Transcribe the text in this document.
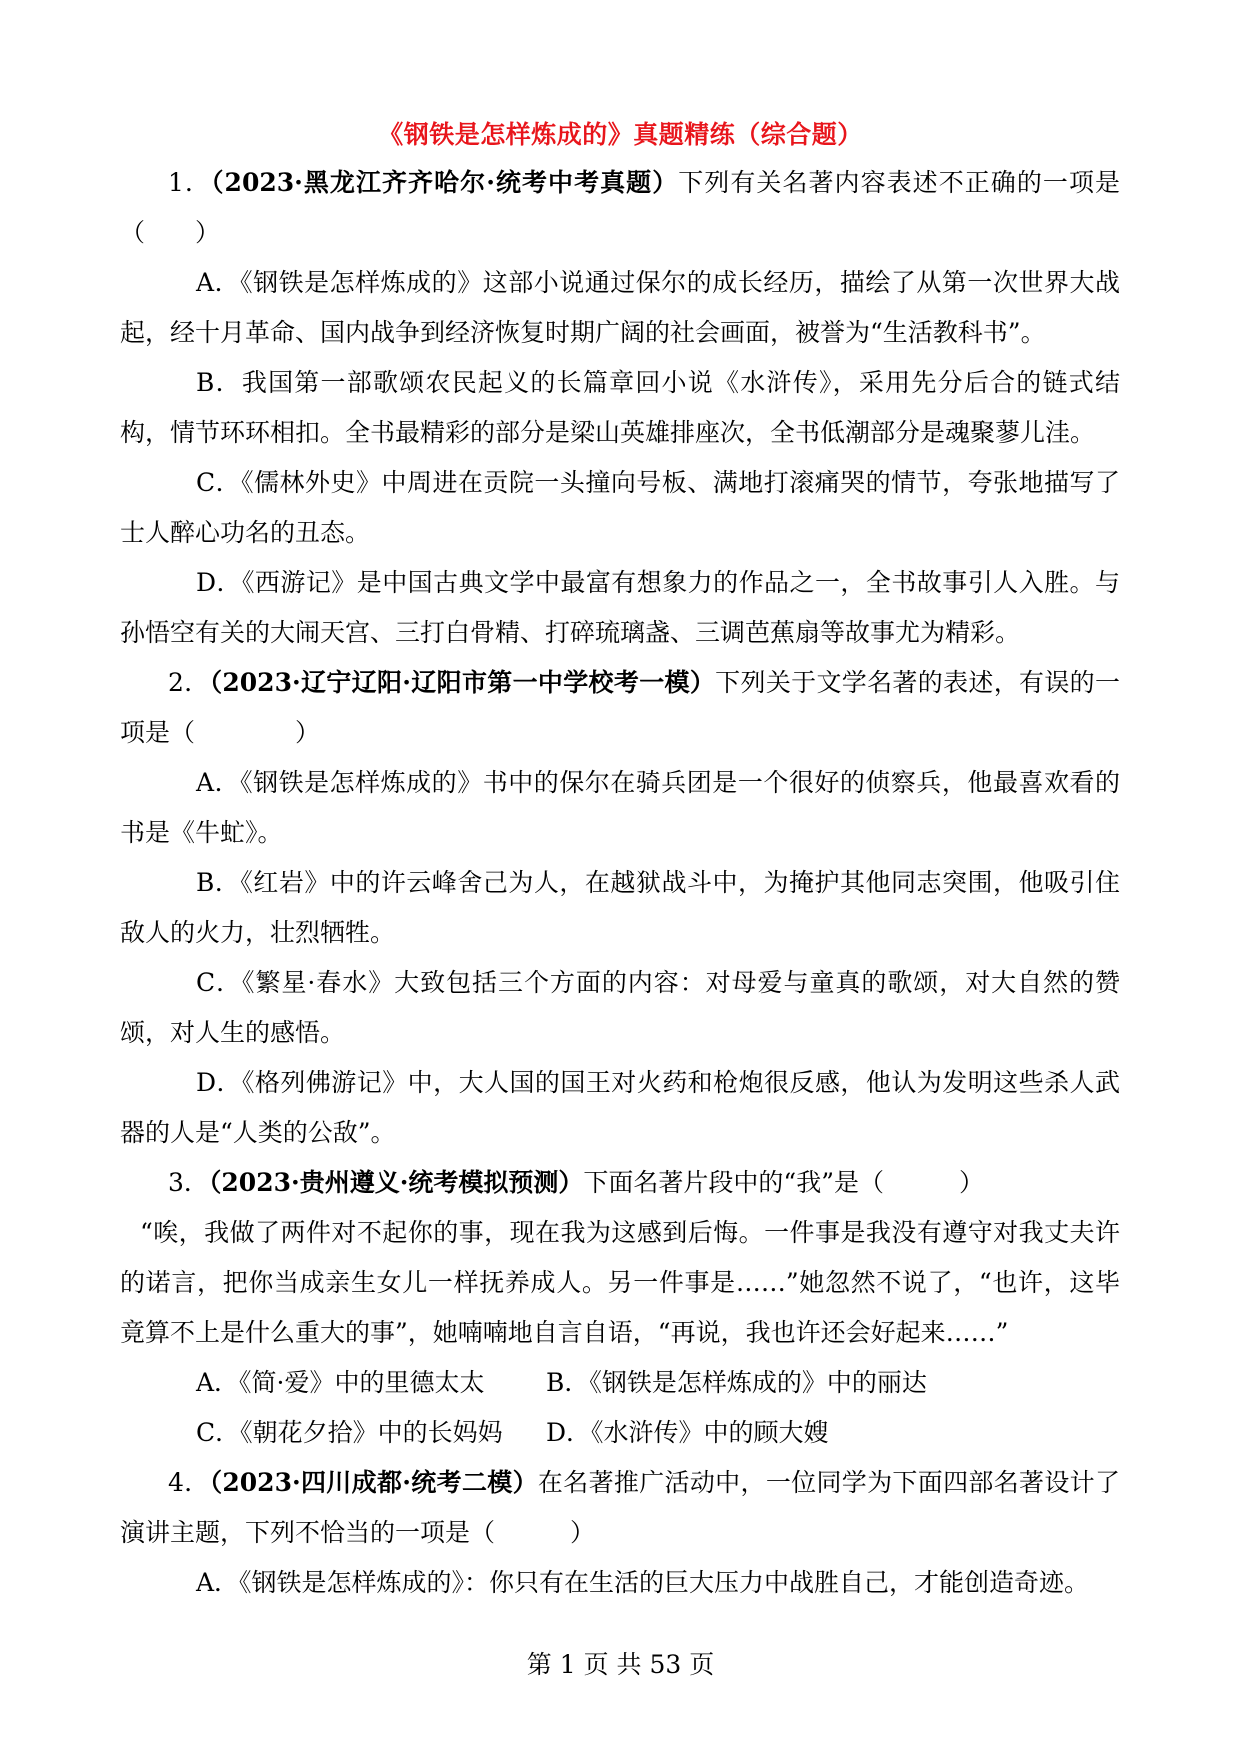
《钢铁是怎样炼成的》真题精练（综合题）

1．（2023·黑龙江齐齐哈尔·统考中考真题）下列有关名著内容表述不正确的一项是（　　）

A．《钢铁是怎样炼成的》这部小说通过保尔的成长经历，描绘了从第一次世界大战起，经十月革命、国内战争到经济恢复时期广阔的社会画面，被誉为“生活教科书”。

B．我国第一部歌颂农民起义的长篇章回小说《水浒传》，采用先分后合的链式结构，情节环环相扣。全书最精彩的部分是梁山英雄排座次，全书低潮部分是魂聚蓼儿洼。

C．《儒林外史》中周进在贡院一头撞向号板、满地打滚痛哭的情节，夸张地描写了士人醉心功名的丑态。

D．《西游记》是中国古典文学中最富有想象力的作品之一，全书故事引人入胜。与孙悟空有关的大闹天宫、三打白骨精、打碎琉璃盏、三调芭蕉扇等故事尤为精彩。

2．（2023·辽宁辽阳·辽阳市第一中学校考一模）下列关于文学名著的表述，有误的一项是（　　　　）

A．《钢铁是怎样炼成的》书中的保尔在骑兵团是一个很好的侦察兵，他最喜欢看的书是《牛虻》。

B．《红岩》中的许云峰舍己为人，在越狱战斗中，为掩护其他同志突围，他吸引住敌人的火力，壮烈牺牲。

C．《繁星·春水》大致包括三个方面的内容：对母爱与童真的歌颂，对大自然的赞颂，对人生的感悟。

D．《格列佛游记》中，大人国的国王对火药和枪炮很反感，他认为发明这些杀人武器的人是“人类的公敌”。

3．（2023·贵州遵义·统考模拟预测）下面名著片段中的“我”是（　　　）

“唉，我做了两件对不起你的事，现在我为这感到后悔。一件事是我没有遵守对我丈夫许的诺言，把你当成亲生女儿一样抚养成人。另一件事是……”她忽然不说了，“也许，这毕竟算不上是什么重大的事”，她喃喃地自言自语，“再说，我也许还会好起来……”

A．《简·爱》中的里德太太 B．《钢铁是怎样炼成的》中的丽达
C．《朝花夕拾》中的长妈妈 D．《水浒传》中的顾大嫂

4．（2023·四川成都·统考二模）在名著推广活动中，一位同学为下面四部名著设计了演讲主题，下列不恰当的一项是（　　　）

A．《钢铁是怎样炼成的》：你只有在生活的巨大压力中战胜自己，才能创造奇迹。

第 1 页 共 53 页
